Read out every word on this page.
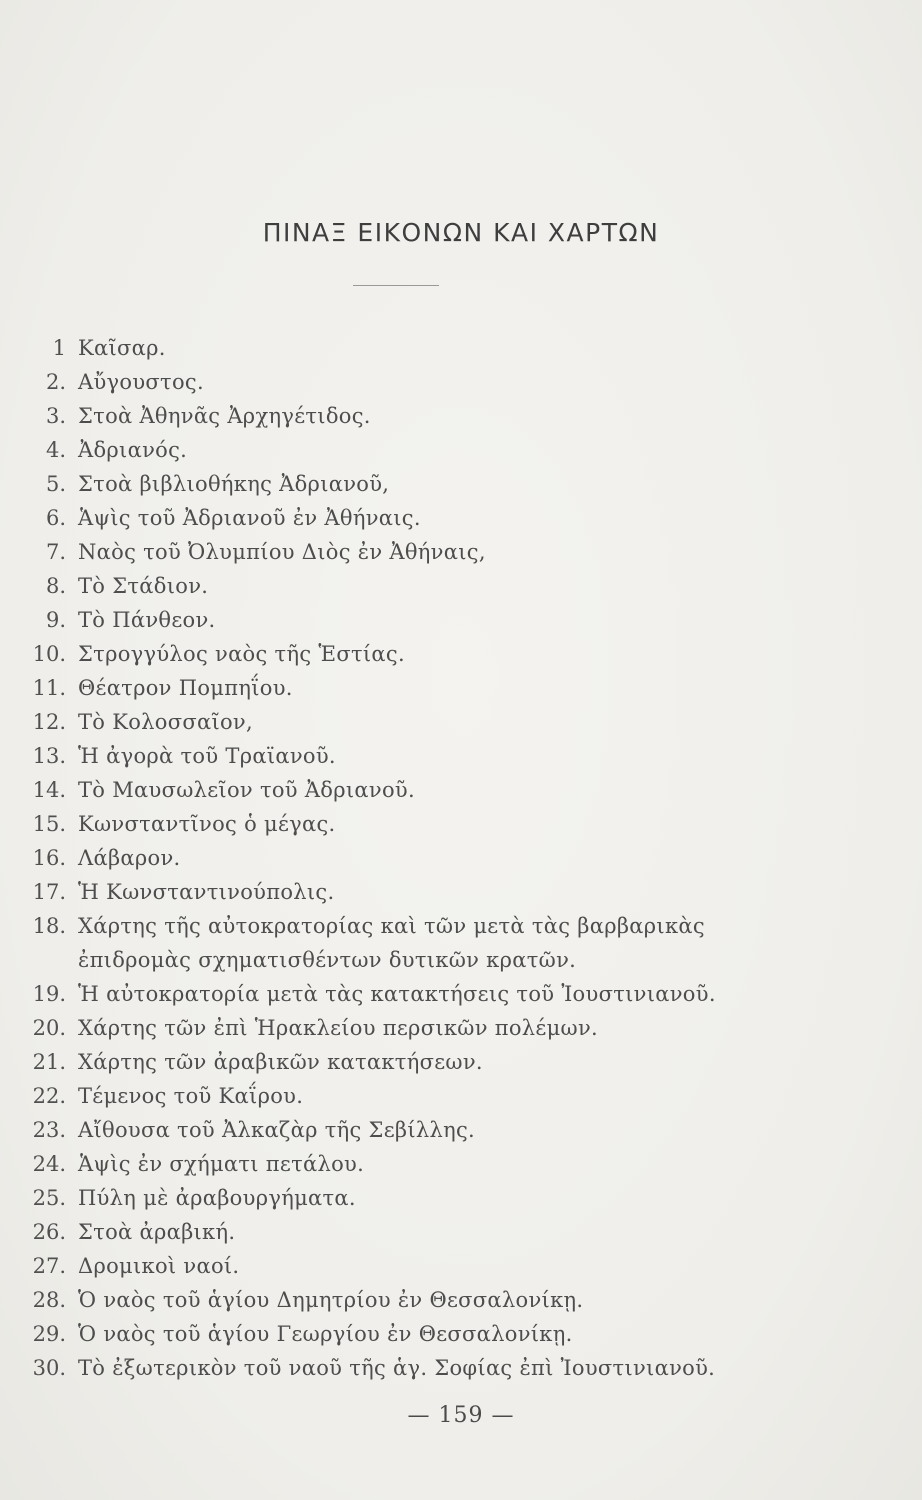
ΠΙΝΑΞ ΕΙΚΟΝΩΝ ΚΑΙ ΧΑΡΤΩΝ
1 Καῖσαρ.
2. Αὔγουστος.
3. Στοὰ Ἀθηνᾶς Ἀρχηγέτιδος.
4. Ἀδριανός.
5. Στοὰ βιβλιοθήκης Ἀδριανοῦ,
6. Ἁψὶς τοῦ Ἀδριανοῦ ἐν Ἀθήναις.
7. Ναὸς τοῦ Ὀλυμπίου Διὸς ἐν Ἀθήναις,
8. Τὸ Στάδιον.
9. Τὸ Πάνθεον.
10. Στρογγύλος ναὸς τῆς Ἑστίας.
11. Θέατρον Πομπηΐου.
12. Τὸ Κολοσσαῖον,
13. Ἡ ἀγορὰ τοῦ Τραϊανοῦ.
14. Τὸ Μαυσωλεῖον τοῦ Ἀδριανοῦ.
15. Κωνσταντῖνος ὁ μέγας.
16. Λάβαρον.
17. Ἡ Κωνσταντινούπολις.
18. Χάρτης τῆς αὐτοκρατορίας καὶ τῶν μετὰ τὰς βαρβαρικὰς
ἐπιδρομὰς σχηματισθέντων δυτικῶν κρατῶν.
19. Ἡ αὐτοκρατορία μετὰ τὰς κατακτήσεις τοῦ Ἰουστινιανοῦ.
20. Χάρτης τῶν ἐπὶ Ἡρακλείου περσικῶν πολέμων.
21. Χάρτης τῶν ἀραβικῶν κατακτήσεων.
22. Τέμενος τοῦ Καΐρου.
23. Αἴθουσα τοῦ Ἀλκαζὰρ τῆς Σεβίλλης.
24. Ἁψὶς ἐν σχήματι πετάλου.
25. Πύλη μὲ ἀραβουργήματα.
26. Στοὰ ἀραβική.
27. Δρομικοὶ ναοί.
28. Ὁ ναὸς τοῦ ἁγίου Δημητρίου ἐν Θεσσαλονίκῃ.
29. Ὁ ναὸς τοῦ ἁγίου Γεωργίου ἐν Θεσσαλονίκῃ.
30. Τὸ ἐξωτερικὸν τοῦ ναοῦ τῆς ἁγ. Σοφίας ἐπὶ Ἰουστινιανοῦ.
— 159 —
